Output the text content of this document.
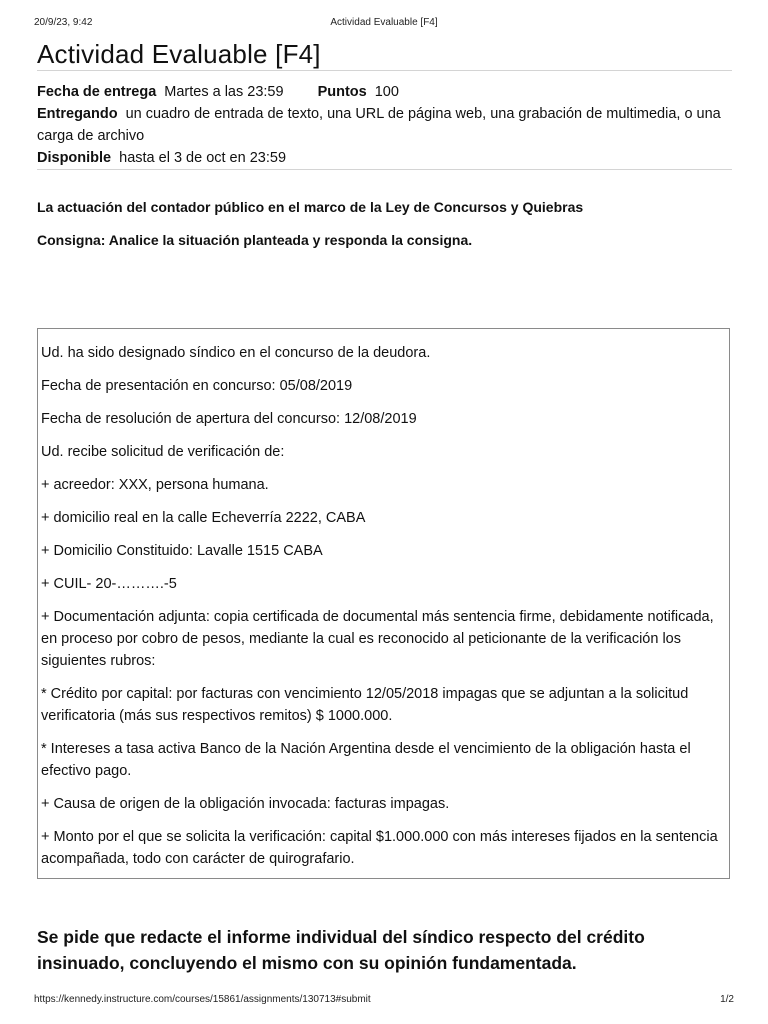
20/9/23, 9:42	Actividad Evaluable [F4]
Actividad Evaluable [F4]
Fecha de entrega Martes a las 23:59 Puntos 100
Entregando un cuadro de entrada de texto, una URL de página web, una grabación de multimedia, o una carga de archivo
Disponible hasta el 3 de oct en 23:59
La actuación del contador público en el marco de la Ley de Concursos y Quiebras
Consigna: Analice la situación planteada y responda la consigna.

Ud. ha sido designado síndico en el concurso de la deudora.

Fecha de presentación en concurso: 05/08/2019

Fecha de resolución de apertura del concurso: 12/08/2019

Ud. recibe solicitud de verificación de:

+ acreedor: XXX, persona humana.

+ domicilio real en la calle Echeverría 2222, CABA

+ Domicilio Constituido: Lavalle 1515 CABA

+ CUIL- 20-……….-5

+ Documentación adjunta: copia certificada de documental más sentencia firme, debidamente notificada, en proceso por cobro de pesos, mediante la cual es reconocido al peticionante de la verificación los siguientes rubros:

* Crédito por capital: por facturas con vencimiento 12/05/2018 impagas que se adjuntan a la solicitud verificatoria (más sus respectivos remitos) $ 1000.000.

* Intereses a tasa activa Banco de la Nación Argentina desde el vencimiento de la obligación hasta el efectivo pago.

+ Causa de origen de la obligación invocada: facturas impagas.

+ Monto por el que se solicita la verificación: capital $1.000.000 con más intereses fijados en la sentencia acompañada, todo con carácter de quirografario.

Se pide que redacte el informe individual del síndico respecto del crédito insinuado, concluyendo el mismo con su opinión fundamentada.
https://kennedy.instructure.com/courses/15861/assignments/130713#submit	1/2
